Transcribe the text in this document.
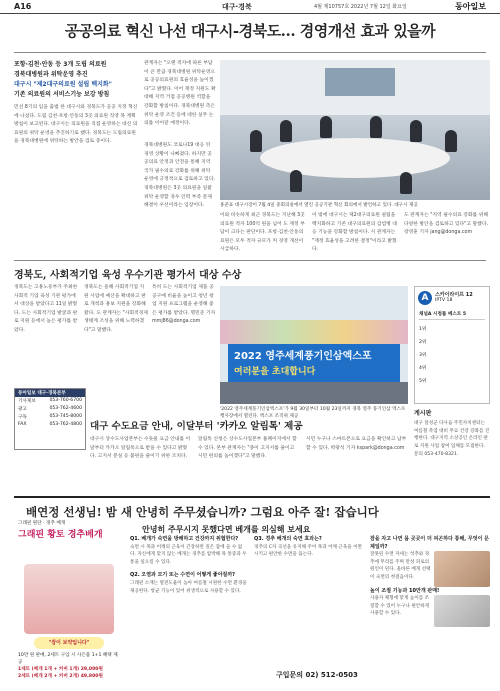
A16	대구·경북	4월 제10757호 2022년 7월 12일 화요일	동아일보
공공의료 혁신 나선 대구시-경북도… 경영개선 효과 있을까
포항·김천·안동 등 3개 도립 의료원
경북대병원과 위탁운영 추진
대구시 "제2대구의료원 설립 백지화"
기존 의료원의 서비스기능 보강 방침
민선 8기의 임을 출범 한 대구시와 경북도가 공공 지정 혁신에 나섰다. 도립 김천·포항·안동의 3곳 의료원 직영 목 계획 방침이 보고된다. 대구시는 의료원을 직접 운영하는 대신 의료원의 위탁 운영을 추진하기로 했다. 경북도는 도립의료원을 경북대병원에 위탁하는 방안을 검토 중이다.
관계자는 "오랜 적자에 따른 부담이 큰 만큼 경북대병원 위탁운영으로 공공의료원의 효율성을 높이겠다"고 밝혔다. 이어 재정 지원도 확대해 지역 거점 공공병원 역할을 강화할 방침이다. 경북대병원 측은 위탁 운영 조건 등에 대한 실무 논의를 이어갈 예정이다.
홍준표 대구시장이 7월 4일 중회의실에서 열린 공공기관 혁신 회의에서 발언하고 있다. 대구시 제공
경북대병원도 코로나19 대응 뒤 경영 상황이 나빠졌다. 하지만 공공의료 안정과 안전을 통해 지역 국가 필수의료 강화를 위해 위탁 운영에 긍정적으로 검토하고 있다. 경북대병원은 3곳 의료원을 일괄 위탁 운영할 경우 인력 부족 문제 해결이 우선이라는 입장이다.
이와 비슷하게 최근 경북도는 지난해 3곳 의료원 적자 100억 원을 넘어 도 재정 부담이 크다는 판단이다. 포항·김천·안동의료원은 모두 적자 규모가 커 경영 개선이 시급하다.
이 밖에 대구시는 제2대구의료원 설립을 백지화하고 기존 대구의료원의 감염병 대응 기능을 강화할 방침이다. 시 관계자는 "재정 효율성을 고려한 결정"이라고 밝혔다.
도 관계자는 "지역 필수의료 강화를 위해 다양한 방안을 검토하고 있다"고 말했다. 장영훈 기자 jang@donga.com
경북도, 사회적기업 육성 우수기관 평가서 대상 수상
경북도는 고용노동부가 주최한 사회적 기업 육성 기관 평가에서 대상을 받았다고 11일 밝혔다. 도는 사회적기업 발굴과 판로 지원 등에서 높은 평가를 받았다.
경북도는 올해 사회적기업 지원 사업에 예산을 확대하고 판로 개척과 홍보 지원을 강화해 왔다. 도 관계자는 "사회적경제 생태계 조성을 위해 노력하겠다"고 말했다.
특히 도는 사회적기업 제품 공공구매 비율을 높이고 청년 창업 지원 프로그램을 운영해 좋은 평가를 받았다. 명민준 기자 mmj86@donga.com
2022 영주세계풍기인삼엑스포
여러분을 초대합니다
'2022 영주세계풍기인삼엑스포'가 9월 30일부터 10월 23일까지 경북 영주 풍기인삼 엑스포 행사장에서 열린다. 엑스포 조직위 제공
A	스카이라이프 12
IPTV 18
채널A 시청률 베스트 5
1위
2위
3위
4위
5위
동아일보 대구·경북본부
기사제보	053-760-6700
광고	053-762-4600
구독	053-745-8000
FAX	053-762-4800
게시판
대구 달성군 다사읍 주민자치센터는 여름철 폭염 대비 무료 건강 강좌를 진행한다. 대구지역 소상공인 온라인 판로 지원 사업 참여 업체를 모집한다. 문의 053-470-8321.
대구 수도요금 안내, 이달부터 '카카오 알림톡' 제공
대구시 상수도사업본부는 수돗물 요금 안내를 이달부터 카카오 알림톡으로 받을 수 있다고 밝혔다. 고지서 분실 등 불편을 줄이기 위한 조치다.
알림톡 신청은 상수도사업본부 홈페이지에서 할 수 있다. 본부 관계자는 "종이 고지서를 줄이고 시민 편의를 높이겠다"고 말했다.
시민 누구나 스마트폰으로 요금을 확인하고 납부할 수 있다. 박광석 기자 kspark@donga.com
배연정 선생님! 밤 새 안녕히 주무셨습니까? 그럼요 아주 잘! 잡습니다
안녕히 주무시지 못했다면 베개를 의심해 보세요
그래핀 원단 · 경추 베개
그래핀 황토 경추베개
"잠이 보약입니다"
10만 원 판매, 2세트 구입 시 사은품 1+1 혜택 제공
1세트 (베개 1개 + 커버 1개) 29,000원
2세트 (베개 2개 + 커버 2개) 49,800원
Q1. 베개가 숙면을 방해하고 건강까지 위협한다?
숙면 시 목과 어깨의 근육이 긴장하면 깊은 잠에 들 수 없다. 자신에게 맞지 않는 베개는 경추를 압박해 목 통증과 두통을 일으킬 수 있다.
Q2. 오염과 모기 또는 수면이 어떻게 좋아질까?
그래핀 소재는 열전도율이 높아 여름철 시원한 수면 환경을 제공한다. 항균 기능이 있어 위생적으로 사용할 수 있다.
Q3. 경추 베개의 숙면 효과는?
경추의 C자 곡선을 유지해 주어 목과 어깨 근육을 이완시키고 편안한 수면을 돕는다.
구입문의 02) 512-0503
잠을 자고 나면 몸 곳곳이 더 피곤하다 통해, 무엇이 문제일까?
잘못된 수면 자세는 척추와 경추에 무리를 주며 만성 피로의 원인이 된다. 올바른 베개 선택이 숙면의 첫걸음이다.
높이 조절 기능과 10만개 판매!
사용자 체형에 맞게 높이를 조절할 수 있어 누구나 편안하게 사용할 수 있다.
